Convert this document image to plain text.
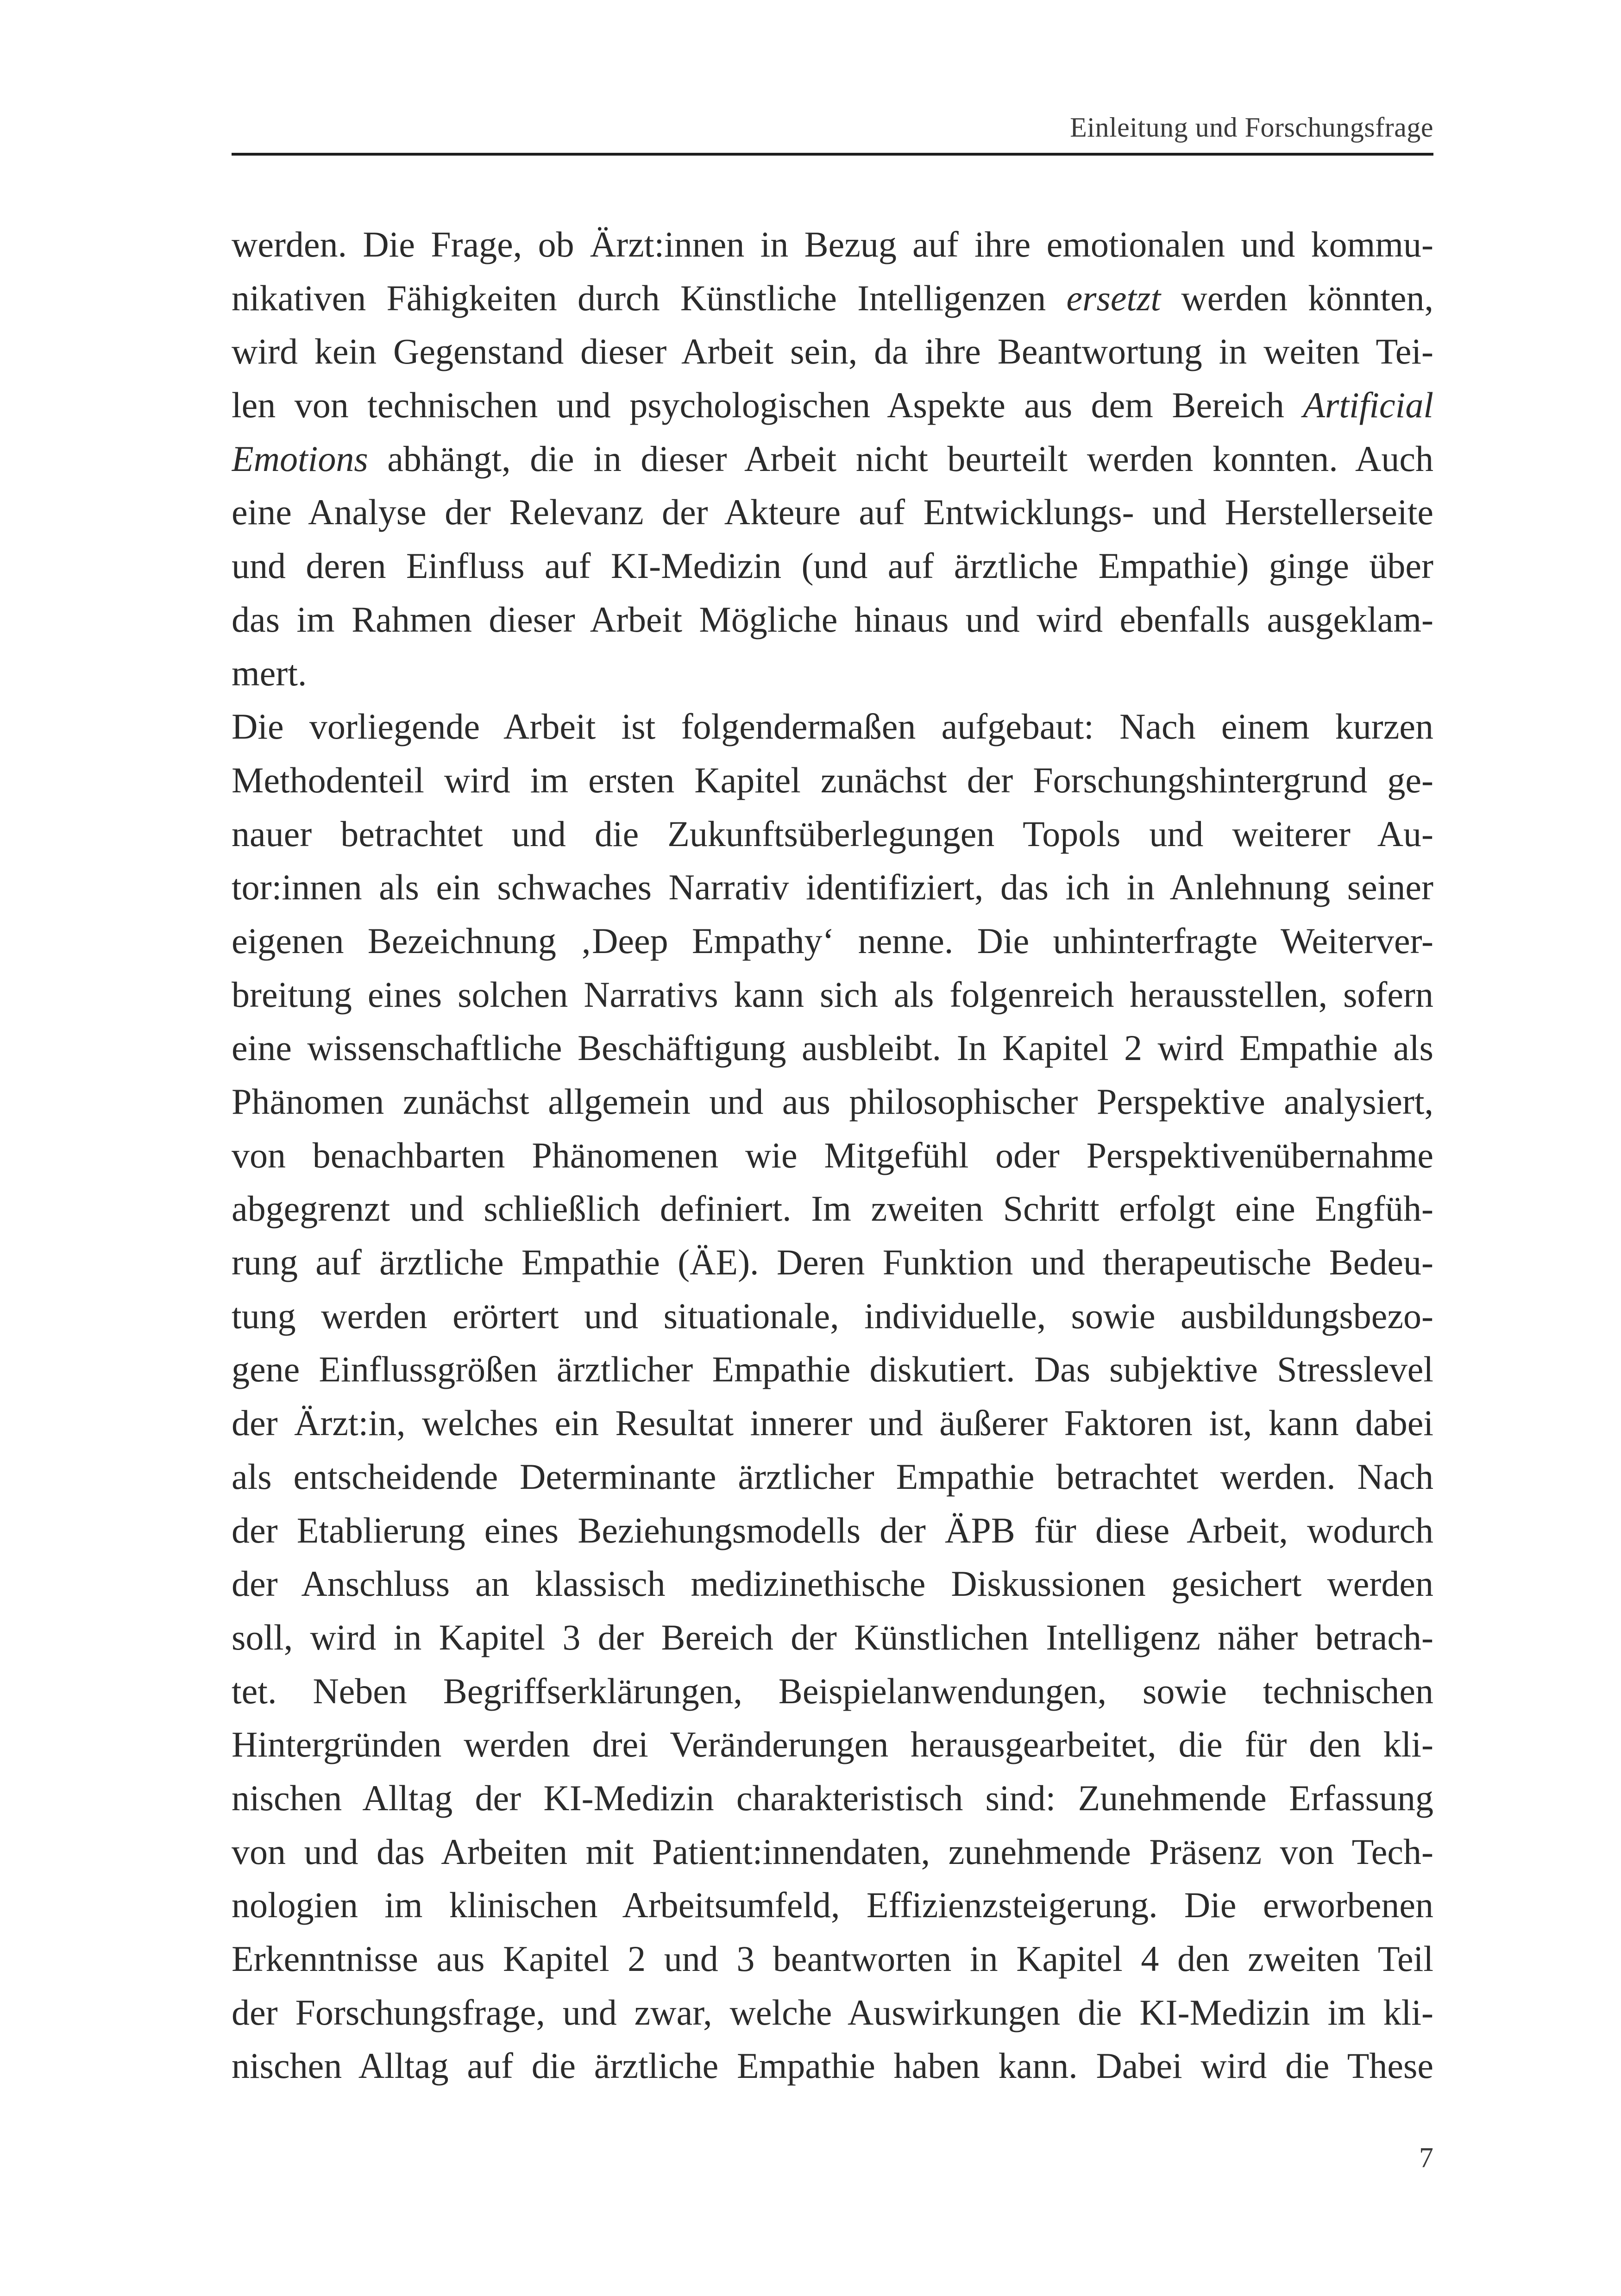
Einleitung und Forschungsfrage
werden. Die Frage, ob Ärzt:innen in Bezug auf ihre emotionalen und kommu-
nikativen Fähigkeiten durch Künstliche Intelligenzen ersetzt werden könnten,
wird kein Gegenstand dieser Arbeit sein, da ihre Beantwortung in weiten Tei-
len von technischen und psychologischen Aspekte aus dem Bereich Artificial
Emotions abhängt, die in dieser Arbeit nicht beurteilt werden konnten. Auch
eine Analyse der Relevanz der Akteure auf Entwicklungs- und Herstellerseite
und deren Einfluss auf KI-Medizin (und auf ärztliche Empathie) ginge über
das im Rahmen dieser Arbeit Mögliche hinaus und wird ebenfalls ausgeklam-
mert.
Die vorliegende Arbeit ist folgendermaßen aufgebaut: Nach einem kurzen
Methodenteil wird im ersten Kapitel zunächst der Forschungshintergrund ge-
nauer betrachtet und die Zukunftsüberlegungen Topols und weiterer Au-
tor:innen als ein schwaches Narrativ identifiziert, das ich in Anlehnung seiner
eigenen Bezeichnung ‚Deep Empathy‘ nenne. Die unhinterfragte Weiterver-
breitung eines solchen Narrativs kann sich als folgenreich herausstellen, sofern
eine wissenschaftliche Beschäftigung ausbleibt. In Kapitel 2 wird Empathie als
Phänomen zunächst allgemein und aus philosophischer Perspektive analysiert,
von benachbarten Phänomenen wie Mitgefühl oder Perspektivenübernahme
abgegrenzt und schließlich definiert. Im zweiten Schritt erfolgt eine Engfüh-
rung auf ärztliche Empathie (ÄE). Deren Funktion und therapeutische Bedeu-
tung werden erörtert und situationale, individuelle, sowie ausbildungsbezo-
gene Einflussgrößen ärztlicher Empathie diskutiert. Das subjektive Stresslevel
der Ärzt:in, welches ein Resultat innerer und äußerer Faktoren ist, kann dabei
als entscheidende Determinante ärztlicher Empathie betrachtet werden. Nach
der Etablierung eines Beziehungsmodells der ÄPB für diese Arbeit, wodurch
der Anschluss an klassisch medizinethische Diskussionen gesichert werden
soll, wird in Kapitel 3 der Bereich der Künstlichen Intelligenz näher betrach-
tet. Neben Begriffserklärungen, Beispielanwendungen, sowie technischen
Hintergründen werden drei Veränderungen herausgearbeitet, die für den kli-
nischen Alltag der KI-Medizin charakteristisch sind: Zunehmende Erfassung
von und das Arbeiten mit Patient:innendaten, zunehmende Präsenz von Tech-
nologien im klinischen Arbeitsumfeld, Effizienzsteigerung. Die erworbenen
Erkenntnisse aus Kapitel 2 und 3 beantworten in Kapitel 4 den zweiten Teil
der Forschungsfrage, und zwar, welche Auswirkungen die KI-Medizin im kli-
nischen Alltag auf die ärztliche Empathie haben kann. Dabei wird die These
7
